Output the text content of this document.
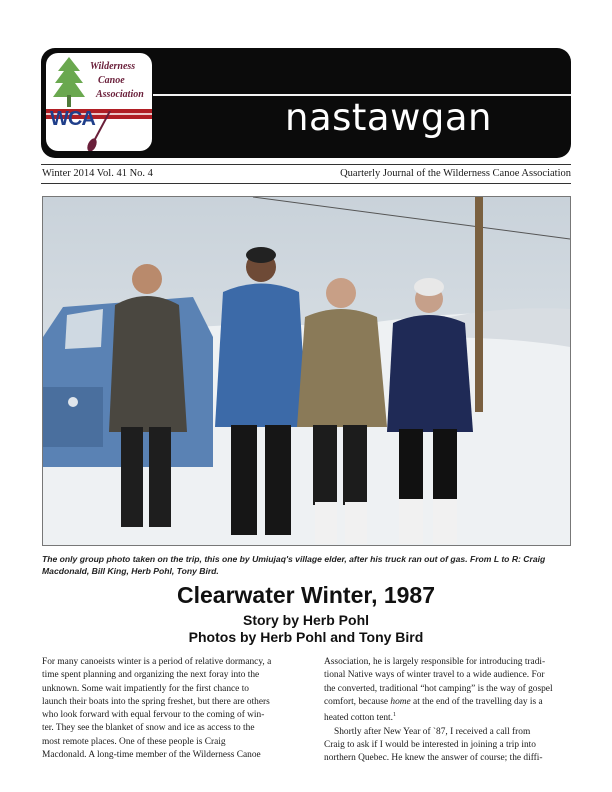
WCA
Wilderness
Canoe
Association
nastawgan
Winter 2014 Vol. 41 No. 4	Quarterly Journal of the Wilderness Canoe Association
The only group photo taken on the trip, this one by Umiujaq's village elder, after his truck ran out of gas. From L to R: Craig Macdonald, Bill King, Herb Pohl, Tony Bird.
Clearwater Winter, 1987
Story by Herb Pohl
Photos by Herb Pohl and Tony Bird
For many canoeists winter is a period of relative dormancy, a
time spent planning and organizing the next foray into the
unknown. Some wait impatiently for the first chance to
launch their boats into the spring freshet, but there are others
who look forward with equal fervour to the coming of win-
ter. They see the blanket of snow and ice as access to the
most remote places. One of these people is Craig
Macdonald. A long-time member of the Wilderness Canoe
Association, he is largely responsible for introducing tradi-
tional Native ways of winter travel to a wide audience. For
the converted, traditional “hot camping” is the way of gospel
comfort, because home at the end of the travelling day is a
heated cotton tent.$^1$
Shortly after New Year of `87, I received a call from
Craig to ask if I would be interested in joining a trip into
northern Quebec. He knew the answer of course; the diffi-
